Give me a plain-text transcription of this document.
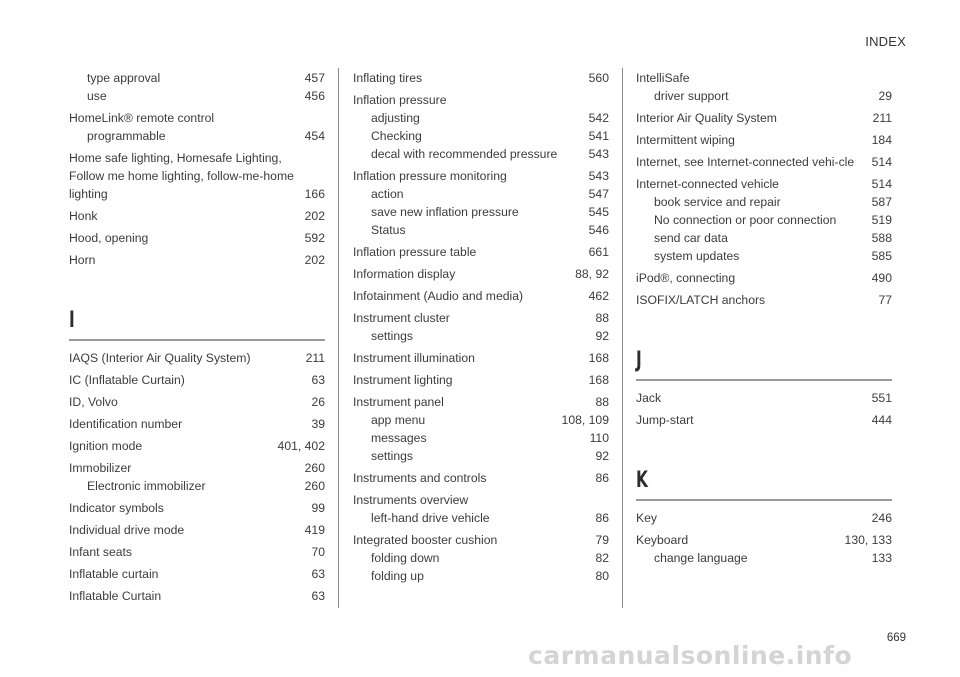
INDEX
type approval	457
use	456
HomeLink® remote control
programmable	454
Home safe lighting, Homesafe Lighting, Follow me home lighting, follow-me-home lighting	166
Honk	202
Hood, opening	592
Horn	202
I
IAQS (Interior Air Quality System)	211
IC (Inflatable Curtain)	63
ID, Volvo	26
Identification number	39
Ignition mode	401, 402
Immobilizer	260
Electronic immobilizer	260
Indicator symbols	99
Individual drive mode	419
Infant seats	70
Inflatable curtain	63
Inflatable Curtain	63
Inflating tires	560
Inflation pressure
adjusting	542
Checking	541
decal with recommended pressure	543
Inflation pressure monitoring	543
action	547
save new inflation pressure	545
Status	546
Inflation pressure table	661
Information display	88, 92
Infotainment (Audio and media)	462
Instrument cluster	88
settings	92
Instrument illumination	168
Instrument lighting	168
Instrument panel	88
app menu	108, 109
messages	110
settings	92
Instruments and controls	86
Instruments overview
left-hand drive vehicle	86
Integrated booster cushion	79
folding down	82
folding up	80
IntelliSafe
driver support	29
Interior Air Quality System	211
Intermittent wiping	184
Internet, see Internet-connected vehi-cle	514
Internet-connected vehicle	514
book service and repair	587
No connection or poor connection	519
send car data	588
system updates	585
iPod®, connecting	490
ISOFIX/LATCH anchors	77
J
Jack	551
Jump-start	444
K
Key	246
Keyboard	130, 133
change language	133
669
carmanualsonline.info
